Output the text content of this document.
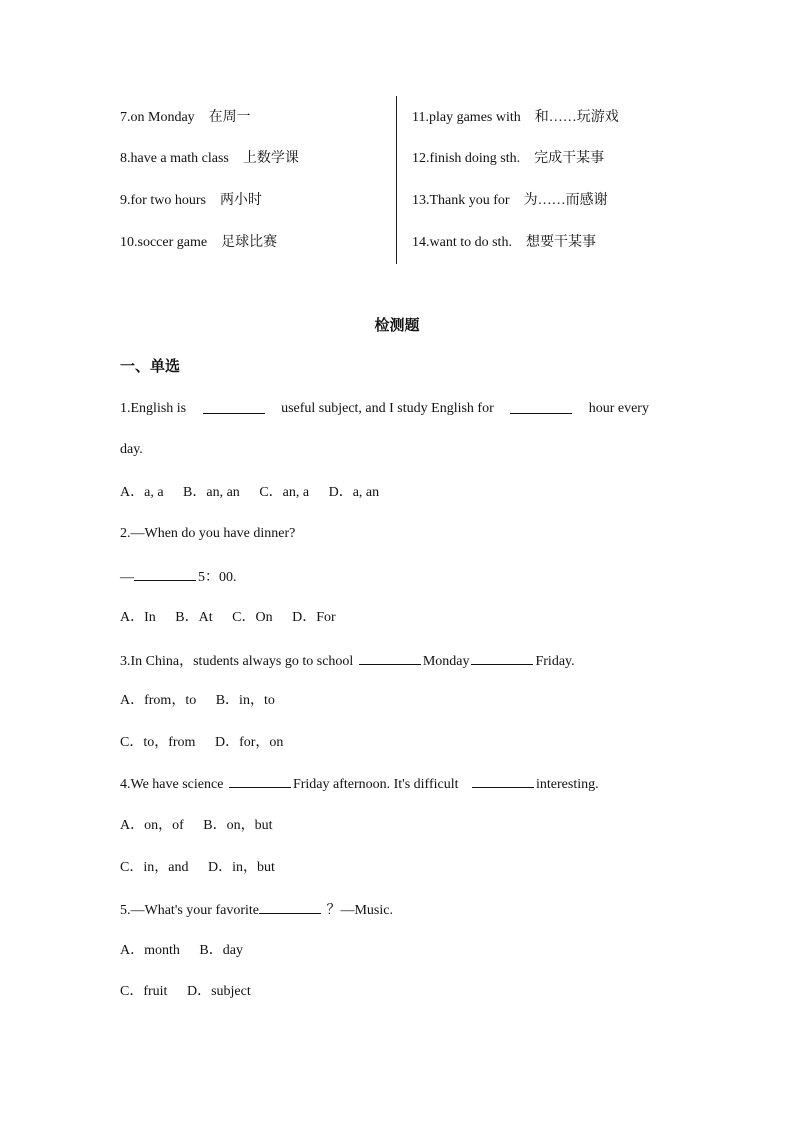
7.on Monday 在周一
8.have a math class 上数学课
9.for two hours 两小时
10.soccer game 足球比赛
11.play games with 和……玩游戏
12.finish doing sth. 完成干某事
13.Thank you for 为……而感谢
14.want to do sth. 想要干某事
检测题
一、单选
1.English is	useful subject, and I study English for	hour every
day.
A．a, a B．an, an C．an, a D．a, an
2.—When do you have dinner?
—	5：00.
A．In B．At C．On D．For
3.In China，students always go to school	Monday	Friday.
A．from，to B．in，to
C．to，from D．for，on
4.We have science	Friday afternoon. It's difficult	interesting.
A．on，of B．on，but
C．in，and D．in，but
5.—What's your favorite	？—Music.
A．month B．day
C．fruit D．subject
